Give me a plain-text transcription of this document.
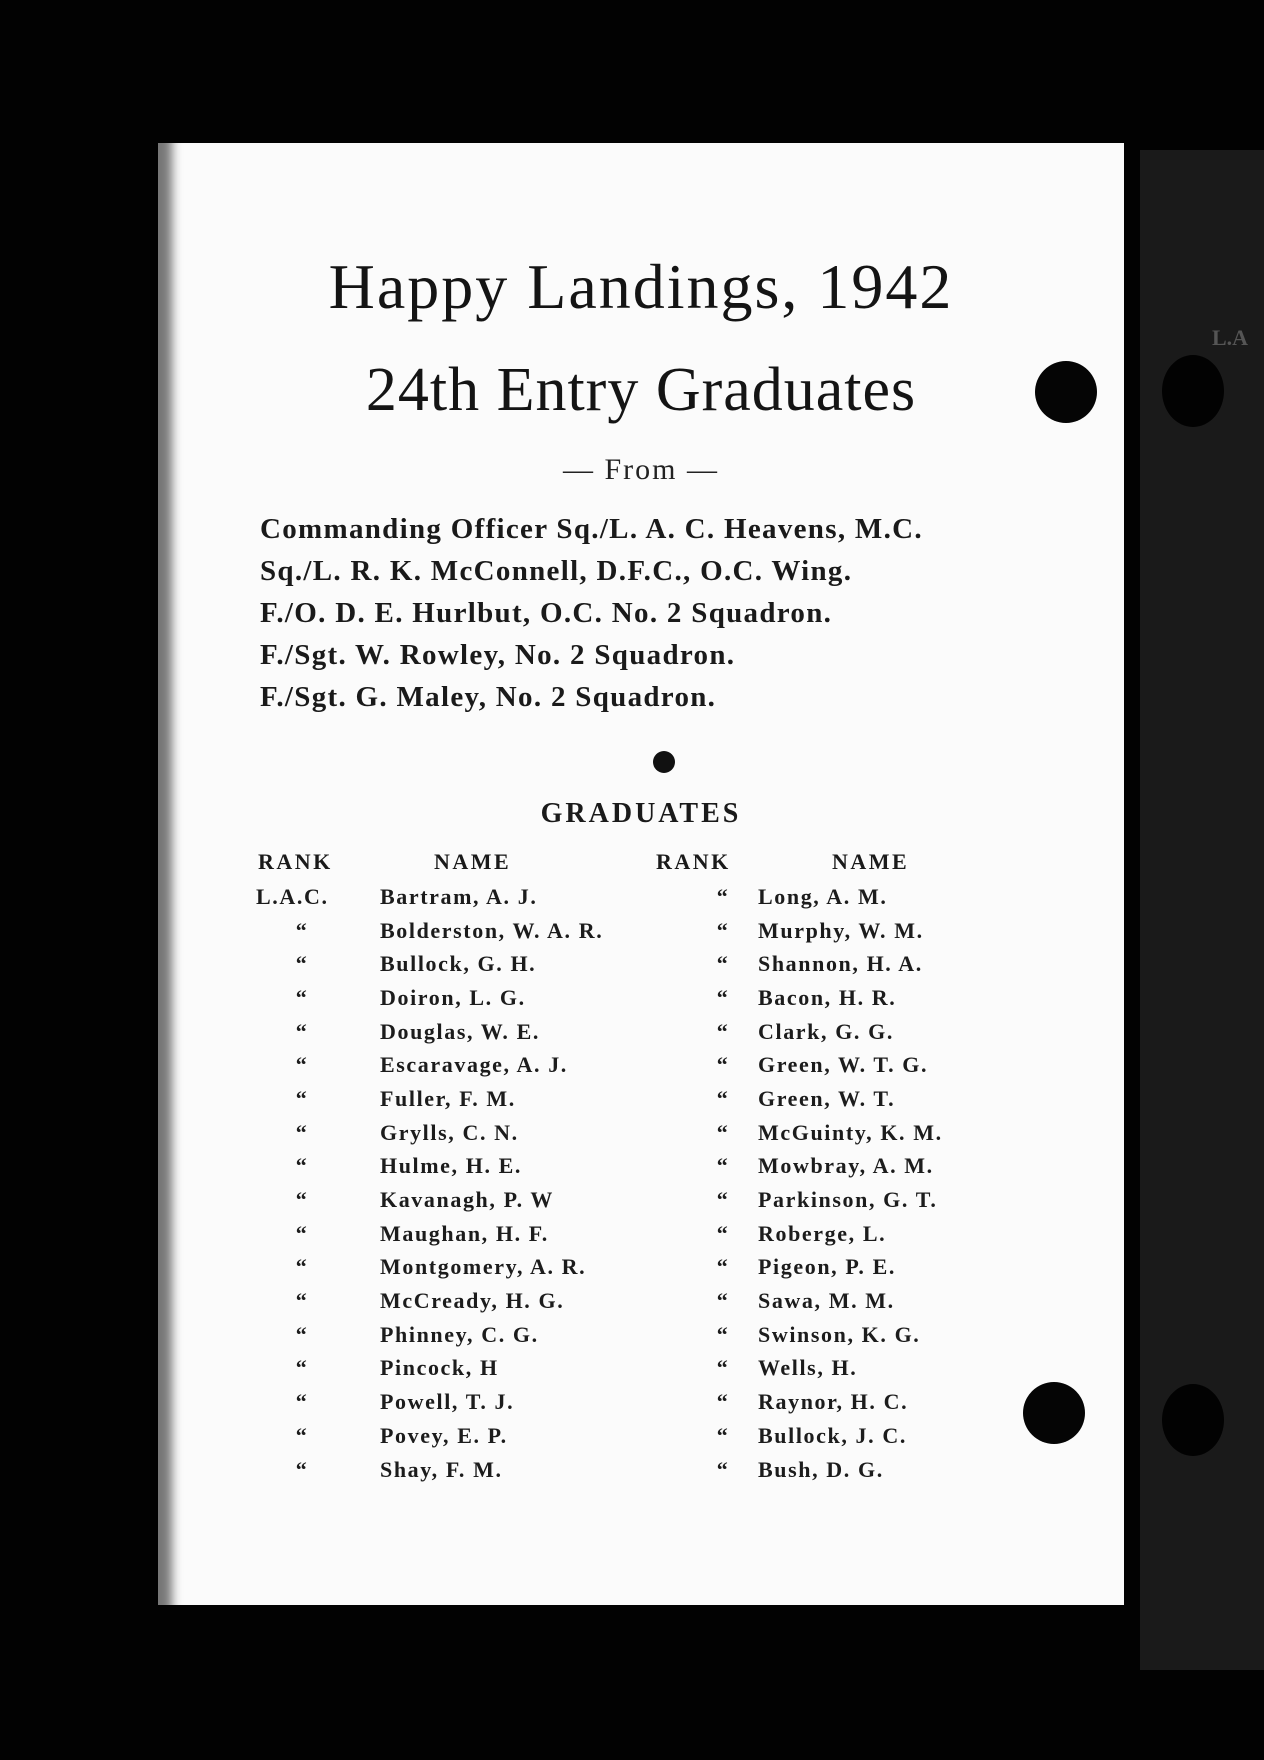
L.A
Happy Landings, 1942
24th Entry Graduates
— From —
Commanding Officer Sq./L. A. C. Heavens, M.C.
Sq./L. R. K. McConnell, D.F.C., O.C. Wing.
F./O. D. E. Hurlbut, O.C. No. 2 Squadron.
F./Sgt. W. Rowley, No. 2 Squadron.
F./Sgt. G. Maley, No. 2 Squadron.
GRADUATES
RANK	NAME	RANK	NAME
L.A.C.	Bartram, A. J.	“	Long, A. M.
“	Bolderston, W. A. R.	“	Murphy, W. M.
“	Bullock, G. H.	“	Shannon, H. A.
“	Doiron, L. G.	“	Bacon, H. R.
“	Douglas, W. E.	“	Clark, G. G.
“	Escaravage, A. J.	“	Green, W. T. G.
“	Fuller, F. M.	“	Green, W. T.
“	Grylls, C. N.	“	McGuinty, K. M.
“	Hulme, H. E.	“	Mowbray, A. M.
“	Kavanagh, P. W	“	Parkinson, G. T.
“	Maughan, H. F.	“	Roberge, L.
“	Montgomery, A. R.	“	Pigeon, P. E.
“	McCready, H. G.	“	Sawa, M. M.
“	Phinney, C. G.	“	Swinson, K. G.
“	Pincock, H	“	Wells, H.
“	Powell, T. J.	“	Raynor, H. C.
“	Povey, E. P.	“	Bullock, J. C.
“	Shay, F. M.	“	Bush, D. G.
